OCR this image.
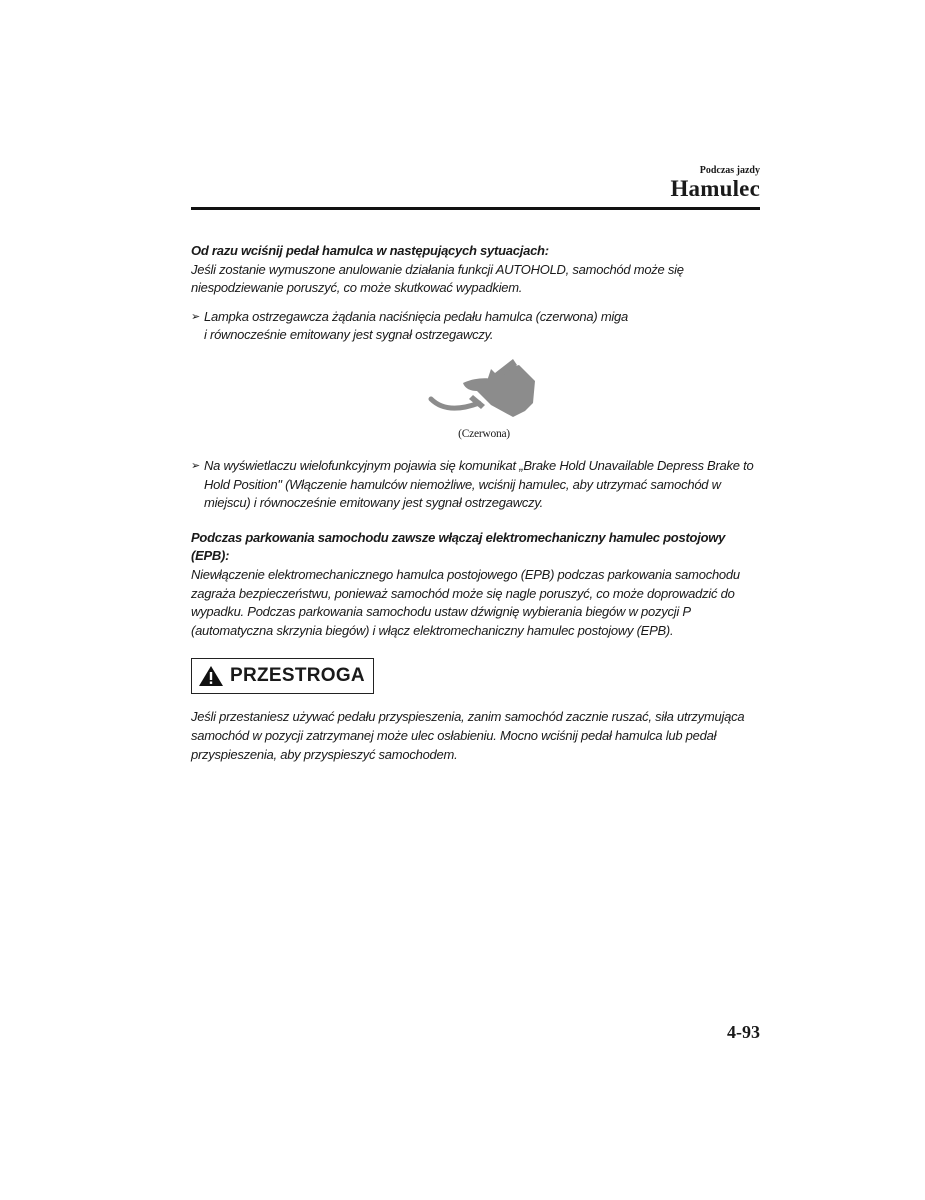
Podczas jazdy
Hamulec

Od razu wciśnij pedał hamulca w następujących sytuacjach:

Jeśli zostanie wymuszone anulowanie działania funkcji AUTOHOLD, samochód może się niespodziewanie poruszyć, co może skutkować wypadkiem.

➢ Lampka ostrzegawcza żądania naciśnięcia pedału hamulca (czerwona) miga
i równocześnie emitowany jest sygnał ostrzegawczy.
(Czerwona)
➢ Na wyświetlaczu wielofunkcyjnym pojawia się komunikat „Brake Hold Unavailable Depress Brake to Hold Position" (Włączenie hamulców niemożliwe, wciśnij hamulec, aby utrzymać samochód w miejscu) i równocześnie emitowany jest sygnał ostrzegawczy.

Podczas parkowania samochodu zawsze włączaj elektromechaniczny hamulec postojowy (EPB):

Niewłączenie elektromechanicznego hamulca postojowego (EPB) podczas parkowania samochodu zagraża bezpieczeństwu, ponieważ samochód może się nagle poruszyć, co może doprowadzić do wypadku. Podczas parkowania samochodu ustaw dźwignię wybierania biegów w pozycji P (automatyczna skrzynia biegów) i włącz elektromechaniczny hamulec postojowy (EPB).

PRZESTROGA

Jeśli przestaniesz używać pedału przyspieszenia, zanim samochód zacznie ruszać, siła utrzymująca samochód w pozycji zatrzymanej może ulec osłabieniu. Mocno wciśnij pedał hamulca lub pedał przyspieszenia, aby przyspieszyć samochodem.

4-93
